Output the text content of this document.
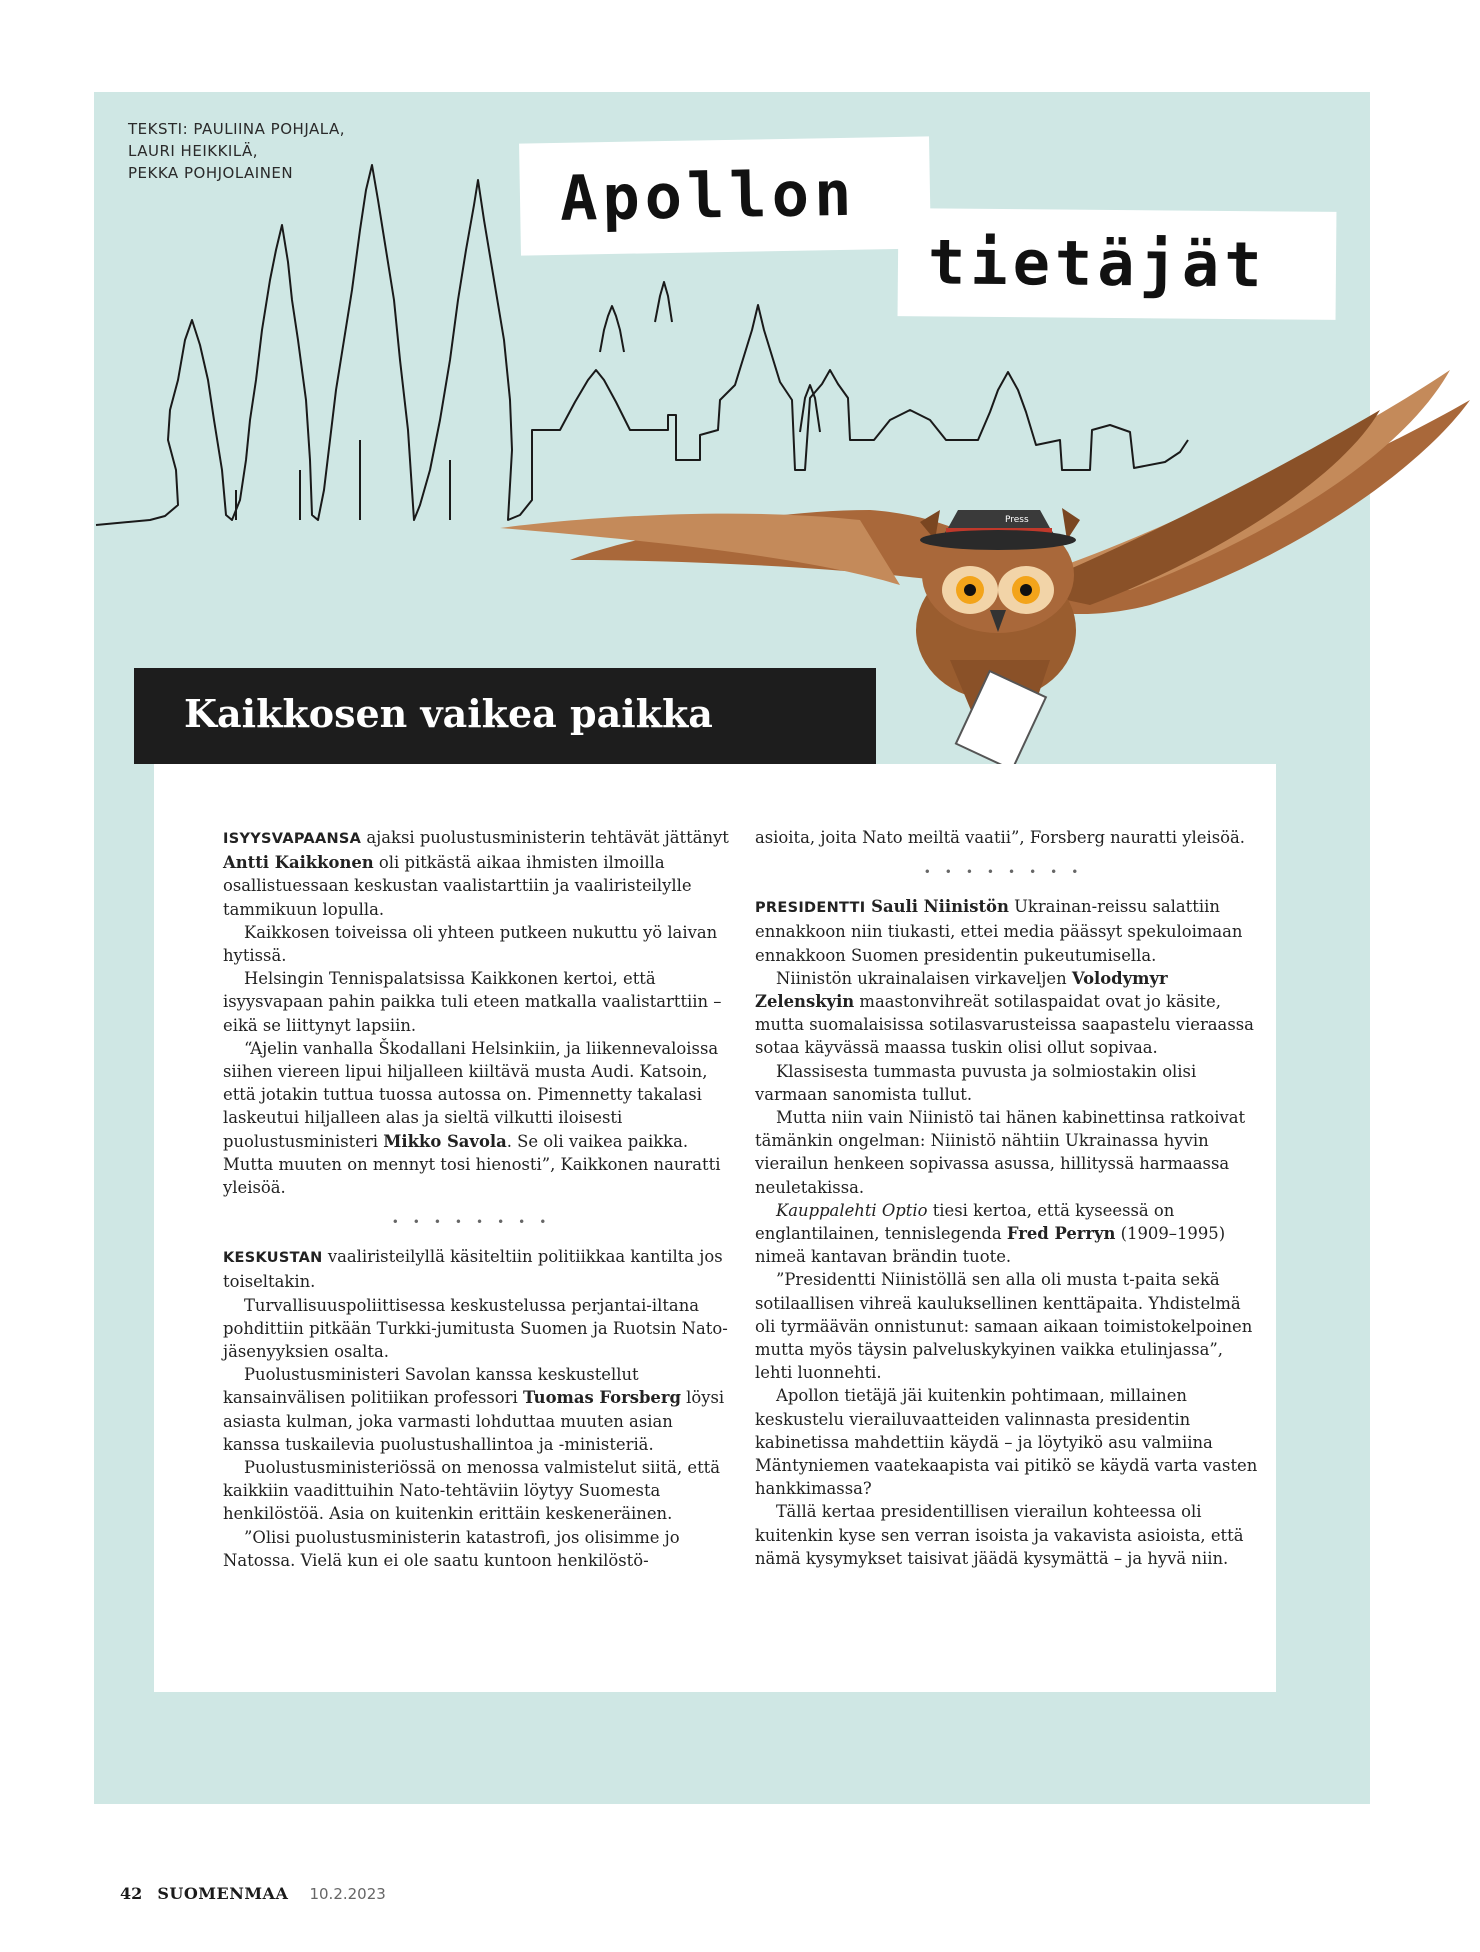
TEKSTI: PAULIINA POHJALA,
LAURI HEIKKILÄ,
PEKKA POHJOLAINEN
Press
Apollon
tietäjät
Kaikkosen vaikea paikka

ISYYSVAPAANSA ajaksi puolustusministerin tehtävät jättänyt Antti Kaikkonen oli pitkästä aikaa ihmisten ilmoilla osallistuessaan keskustan vaalistarttiin ja vaaliristeilylle tammikuun lopulla.

Kaikkosen toiveissa oli yhteen putkeen nukuttu yö laivan hytissä.

Helsingin Tennispalatsissa Kaikkonen kertoi, että isyysvapaan pahin paikka tuli eteen matkalla vaalistarttiin – eikä se liittynyt lapsiin.

“Ajelin vanhalla Škodallani Helsinkiin, ja liikennevaloissa siihen viereen lipui hiljalleen kiiltävä musta Audi. Katsoin, että jotakin tuttua tuossa autossa on. Pimennetty takalasi laskeutui hiljalleen alas ja sieltä vilkutti iloisesti puolustusministeri Mikko Savola. Se oli vaikea paikka. Mutta muuten on mennyt tosi hienosti”, Kaikkonen nauratti yleisöä.

••••••••

KESKUSTAN vaaliristeilyllä käsiteltiin politiikkaa kantilta jos toiseltakin.

Turvallisuuspoliittisessa keskustelussa perjantai-iltana pohdittiin pitkään Turkki-jumitusta Suomen ja Ruotsin Nato-jäsenyyksien osalta.

Puolustusministeri Savolan kanssa keskustellut kansainvälisen politiikan professori Tuomas Forsberg löysi asiasta kulman, joka varmasti lohduttaa muuten asian kanssa tuskailevia puolustushallintoa ja -ministeriä.

Puolustusministeriössä on menossa valmistelut siitä, että kaikkiin vaadittuihin Nato-tehtäviin löytyy Suomesta henkilöstöä. Asia on kuitenkin erittäin keskeneräinen.

”Olisi puolustusministerin katastrofi, jos olisimme jo Natossa. Vielä kun ei ole saatu kuntoon henkilöstö-

asioita, joita Nato meiltä vaatii”, Forsberg nauratti yleisöä.

••••••••

PRESIDENTTI Sauli Niinistön Ukrainan-reissu salattiin ennakkoon niin tiukasti, ettei media päässyt spekuloimaan ennakkoon Suomen presidentin pukeutumisella.

Niinistön ukrainalaisen virkaveljen Volodymyr Zelenskyin maastonvihreät sotilaspaidat ovat jo käsite, mutta suomalaisissa sotilasvarusteissa saapastelu vieraassa sotaa käyvässä maassa tuskin olisi ollut sopivaa.

Klassisesta tummasta puvusta ja solmiostakin olisi varmaan sanomista tullut.

Mutta niin vain Niinistö tai hänen kabinettinsa ratkoivat tämänkin ongelman: Niinistö nähtiin Ukrainassa hyvin vierailun henkeen sopivassa asussa, hillityssä harmaassa neuletakissa.

Kauppalehti Optio tiesi kertoa, että kyseessä on englantilainen, tennislegenda Fred Perryn (1909–1995) nimeä kantavan brändin tuote.

”Presidentti Niinistöllä sen alla oli musta t-paita sekä sotilaallisen vihreä kauluksellinen kenttäpaita. Yhdistelmä oli tyrmäävän onnistunut: samaan aikaan toimistokelpoinen mutta myös täysin palveluskykyinen vaikka etulinjassa”, lehti luonnehti.

Apollon tietäjä jäi kuitenkin pohtimaan, millainen keskustelu vierailuvaatteiden valinnasta presidentin kabinetissa mahdettiin käydä – ja löytyikö asu valmiina Mäntyniemen vaatekaapista vai pitikö se käydä varta vasten hankkimassa?

Tällä kertaa presidentillisen vierailun kohteessa oli kuitenkin kyse sen verran isoista ja vakavista asioista, että nämä kysymykset taisivat jäädä kysymättä – ja hyvä niin.

42 SUOMENMAA 10.2.2023
